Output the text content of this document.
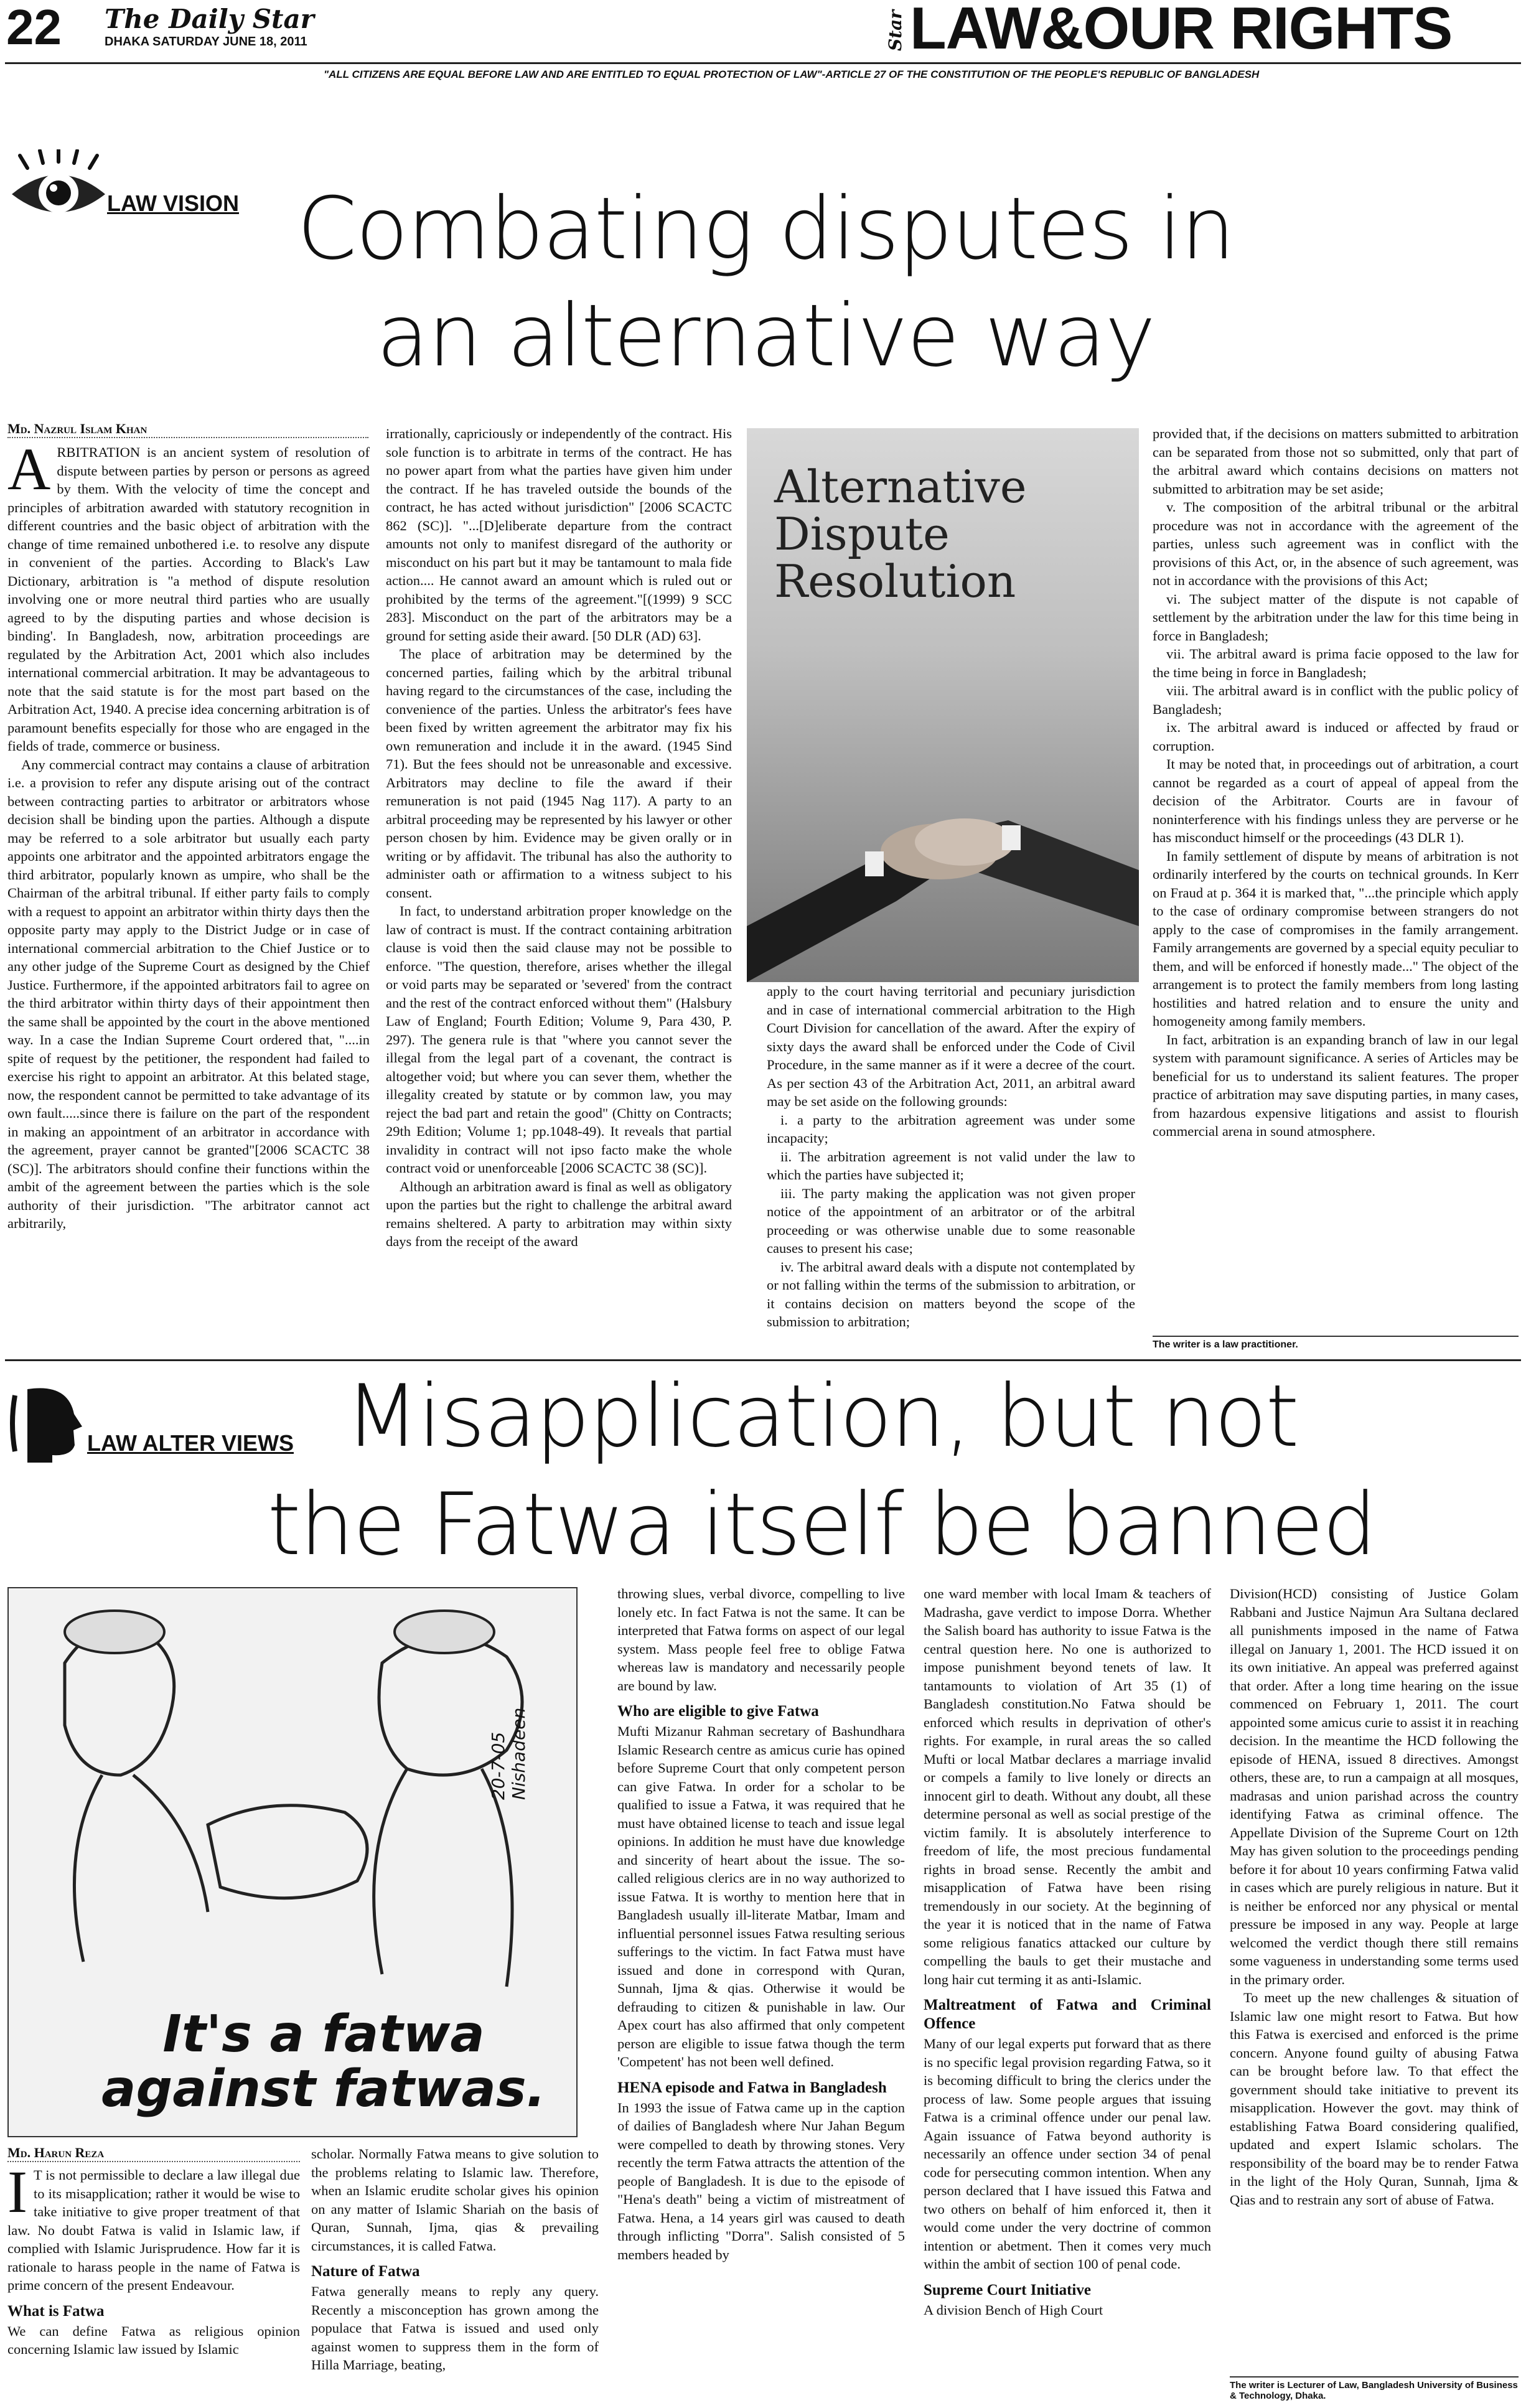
22 The Daily Star
DHAKA SATURDAY JUNE 18, 2011	Star LAW&OUR RIGHTS
"ALL CITIZENS ARE EQUAL BEFORE LAW AND ARE ENTITLED TO EQUAL PROTECTION OF LAW"-ARTICLE 27 OF THE CONSTITUTION OF THE PEOPLE'S REPUBLIC OF BANGLADESH
LAW VISION Combating disputes in
an alternative way
Md. Nazrul Islam Khan

ARBITRATION is an ancient system of resolution of dispute between parties by person or persons as agreed by them. With the velocity of time the concept and principles of arbitration awarded with statutory recognition in different countries and the basic object of arbitration with the change of time remained unbothered i.e. to resolve any dispute in convenient of the parties. According to Black's Law Dictionary, arbitration is "a method of dispute resolution involving one or more neutral third parties who are usually agreed to by the disputing parties and whose decision is binding'. In Bangladesh, now, arbitration proceedings are regulated by the Arbitration Act, 2001 which also includes international commercial arbitration. It may be advantageous to note that the said statute is for the most part based on the Arbitration Act, 1940. A precise idea concerning arbitration is of paramount benefits especially for those who are engaged in the fields of trade, commerce or business.

Any commercial contract may contains a clause of arbitration i.e. a provision to refer any dispute arising out of the contract between contracting parties to arbitrator or arbitrators whose decision shall be binding upon the parties. Although a dispute may be referred to a sole arbitrator but usually each party appoints one arbitrator and the appointed arbitrators engage the third arbitrator, popularly known as umpire, who shall be the Chairman of the arbitral tribunal. If either party fails to comply with a request to appoint an arbitrator within thirty days then the opposite party may apply to the District Judge or in case of international commercial arbitration to the Chief Justice or to any other judge of the Supreme Court as designed by the Chief Justice. Furthermore, if the appointed arbitrators fail to agree on the third arbitrator within thirty days of their appointment then the same shall be appointed by the court in the above mentioned way. In a case the Indian Supreme Court ordered that, "....in spite of request by the petitioner, the respondent had failed to exercise his right to appoint an arbitrator. At this belated stage, now, the respondent cannot be permitted to take advantage of its own fault.....since there is failure on the part of the respondent in making an appointment of an arbitrator in accordance with the agreement, prayer cannot be granted"[2006 SCACTC 38 (SC)]. The arbitrators should confine their functions within the ambit of the agreement between the parties which is the sole authority of their jurisdiction. "The arbitrator cannot act arbitrarily,

irrationally, capriciously or independently of the contract. His sole function is to arbitrate in terms of the contract. He has no power apart from what the parties have given him under the contract. If he has traveled outside the bounds of the contract, he has acted without jurisdiction" [2006 SCACTC 862 (SC)]. "...[D]eliberate departure from the contract amounts not only to manifest disregard of the authority or misconduct on his part but it may be tantamount to mala fide action.... He cannot award an amount which is ruled out or prohibited by the terms of the agreement."[(1999) 9 SCC 283]. Misconduct on the part of the arbitrators may be a ground for setting aside their award. [50 DLR (AD) 63].

The place of arbitration may be determined by the concerned parties, failing which by the arbitral tribunal having regard to the circumstances of the case, including the convenience of the parties. Unless the arbitrator's fees have been fixed by written agreement the arbitrator may fix his own remuneration and include it in the award. (1945 Sind 71). But the fees should not be unreasonable and excessive. Arbitrators may decline to file the award if their remuneration is not paid (1945 Nag 117). A party to an arbitral proceeding may be represented by his lawyer or other person chosen by him. Evidence may be given orally or in writing or by affidavit. The tribunal has also the authority to administer oath or affirmation to a witness subject to his consent.

In fact, to understand arbitration proper knowledge on the law of contract is must. If the contract containing arbitration clause is void then the said clause may not be possible to enforce. "The question, therefore, arises whether the illegal or void parts may be separated or 'severed' from the contract and the rest of the contract enforced without them" (Halsbury Law of England; Fourth Edition; Volume 9, Para 430, P. 297). The genera rule is that "where you cannot sever the illegal from the legal part of a covenant, the contract is altogether void; but where you can sever them, whether the illegality created by statute or by common law, you may reject the bad part and retain the good" (Chitty on Contracts; 29th Edition; Volume 1; pp.1048-49). It reveals that partial invalidity in contract will not ipso facto make the whole contract void or unenforceable [2006 SCACTC 38 (SC)].

Although an arbitration award is final as well as obligatory upon the parties but the right to challenge the arbitral award remains sheltered. A party to arbitration may within sixty days from the receipt of the award

Alternative
Dispute
Resolution

apply to the court having territorial and pecuniary jurisdiction and in case of international commercial arbitration to the High Court Division for cancellation of the award. After the expiry of sixty days the award shall be enforced under the Code of Civil Procedure, in the same manner as if it were a decree of the court. As per section 43 of the Arbitration Act, 2011, an arbitral award may be set aside on the following grounds:

i. a party to the arbitration agreement was under some incapacity;

ii. The arbitration agreement is not valid under the law to which the parties have subjected it;

iii. The party making the application was not given proper notice of the appointment of an arbitrator or of the arbitral proceeding or was otherwise unable due to some reasonable causes to present his case;

iv. The arbitral award deals with a dispute not contemplated by or not falling within the terms of the submission to arbitration, or it contains decision on matters beyond the scope of the submission to arbitration;

provided that, if the decisions on matters submitted to arbitration can be separated from those not so submitted, only that part of the arbitral award which contains decisions on matters not submitted to arbitration may be set aside;

v. The composition of the arbitral tribunal or the arbitral procedure was not in accordance with the agreement of the parties, unless such agreement was in conflict with the provisions of this Act, or, in the absence of such agreement, was not in accordance with the provisions of this Act;

vi. The subject matter of the dispute is not capable of settlement by the arbitration under the law for this time being in force in Bangladesh;

vii. The arbitral award is prima facie opposed to the law for the time being in force in Bangladesh;

viii. The arbitral award is in conflict with the public policy of Bangladesh;

ix. The arbitral award is induced or affected by fraud or corruption.

It may be noted that, in proceedings out of arbitration, a court cannot be regarded as a court of appeal of appeal from the decision of the Arbitrator. Courts are in favour of noninterference with his findings unless they are perverse or he has misconduct himself or the proceedings (43 DLR 1).

In family settlement of dispute by means of arbitration is not ordinarily interfered by the courts on technical grounds. In Kerr on Fraud at p. 364 it is marked that, "...the principle which apply to the case of ordinary compromise between strangers do not apply to the case of compromises in the family arrangement. Family arrangements are governed by a special equity peculiar to them, and will be enforced if honestly made..." The object of the arrangement is to protect the family members from long lasting hostilities and hatred relation and to ensure the unity and homogeneity among family members.

In fact, arbitration is an expanding branch of law in our legal system with paramount significance. A series of Articles may be beneficial for us to understand its salient features. The proper practice of arbitration may save disputing parties, in many cases, from hazardous expensive litigations and assist to flourish commercial arena in sound atmosphere.

The writer is a law practitioner.
LAW ALTER VIEWS Misapplication, but not
the Fatwa itself be banned
20-7-05 Nishadeen
It's a fatwa
against fatwas.
Md. Harun Reza

I T is not permissible to declare a law illegal due to its misapplication; rather it would be wise to take initiative to give proper treatment of that law. No doubt Fatwa is valid in Islamic law, if complied with Islamic Jurisprudence. How far it is rationale to harass people in the name of Fatwa is prime concern of the present Endeavour.

What is Fatwa

We can define Fatwa as religious opinion concerning Islamic law issued by Islamic

scholar. Normally Fatwa means to give solution to the problems relating to Islamic law. Therefore, when an Islamic erudite scholar gives his opinion on any matter of Islamic Shariah on the basis of Quran, Sunnah, Ijma, qias & prevailing circumstances, it is called Fatwa.

Nature of Fatwa

Fatwa generally means to reply any query. Recently a misconception has grown among the populace that Fatwa is issued and used only against women to suppress them in the form of Hilla Marriage, beating,

throwing slues, verbal divorce, compelling to live lonely etc. In fact Fatwa is not the same. It can be interpreted that Fatwa forms on aspect of our legal system. Mass people feel free to oblige Fatwa whereas law is mandatory and necessarily people are bound by law.

Who are eligible to give Fatwa

Mufti Mizanur Rahman secretary of Bashundhara Islamic Research centre as amicus curie has opined before Supreme Court that only competent person can give Fatwa. In order for a scholar to be qualified to issue a Fatwa, it was required that he must have obtained license to teach and issue legal opinions. In addition he must have due knowledge and sincerity of heart about the issue. The so-called religious clerics are in no way authorized to issue Fatwa. It is worthy to mention here that in Bangladesh usually ill-literate Matbar, Imam and influential personnel issues Fatwa resulting serious sufferings to the victim. In fact Fatwa must have issued and done in correspond with Quran, Sunnah, Ijma & qias. Otherwise it would be defrauding to citizen & punishable in law. Our Apex court has also affirmed that only competent person are eligible to issue fatwa though the term 'Competent' has not been well defined.

HENA episode and Fatwa in Bangladesh

In 1993 the issue of Fatwa came up in the caption of dailies of Bangladesh where Nur Jahan Begum were compelled to death by throwing stones. Very recently the term Fatwa attracts the attention of the people of Bangladesh. It is due to the episode of "Hena's death" being a victim of mistreatment of Fatwa. Hena, a 14 years girl was caused to death through inflicting "Dorra". Salish consisted of 5 members headed by

one ward member with local Imam & teachers of Madrasha, gave verdict to impose Dorra. Whether the Salish board has authority to issue Fatwa is the central question here. No one is authorized to impose punishment beyond tenets of law. It tantamounts to violation of Art 35 (1) of Bangladesh constitution.No Fatwa should be enforced which results in deprivation of other's rights. For example, in rural areas the so called Mufti or local Matbar declares a marriage invalid or compels a family to live lonely or directs an innocent girl to death. Without any doubt, all these determine personal as well as social prestige of the victim family. It is absolutely interference to freedom of life, the most precious fundamental rights in broad sense. Recently the ambit and misapplication of Fatwa have been rising tremendously in our society. At the beginning of the year it is noticed that in the name of Fatwa some religious fanatics attacked our culture by compelling the bauls to get their mustache and long hair cut terming it as anti-Islamic.

Maltreatment of Fatwa and Criminal Offence

Many of our legal experts put forward that as there is no specific legal provision regarding Fatwa, so it is becoming difficult to bring the clerics under the process of law. Some people argues that issuing Fatwa is a criminal offence under our penal law. Again issuance of Fatwa beyond authority is necessarily an offence under section 34 of penal code for persecuting common intention. When any person declared that I have issued this Fatwa and two others on behalf of him enforced it, then it would come under the very doctrine of common intention or abetment. Then it comes very much within the ambit of section 100 of penal code.

Supreme Court Initiative

A division Bench of High Court

Division(HCD) consisting of Justice Golam Rabbani and Justice Najmun Ara Sultana declared all punishments imposed in the name of Fatwa illegal on January 1, 2001. The HCD issued it on its own initiative. An appeal was preferred against that order. After a long time hearing on the issue commenced on February 1, 2011. The court appointed some amicus curie to assist it in reaching decision. In the meantime the HCD following the episode of HENA, issued 8 directives. Amongst others, these are, to run a campaign at all mosques, madrasas and union parishad across the country identifying Fatwa as criminal offence. The Appellate Division of the Supreme Court on 12th May has given solution to the proceedings pending before it for about 10 years confirming Fatwa valid in cases which are purely religious in nature. But it is neither be enforced nor any physical or mental pressure be imposed in any way. People at large welcomed the verdict though there still remains some vagueness in understanding some terms used in the primary order.

To meet up the new challenges & situation of Islamic law one might resort to Fatwa. But how this Fatwa is exercised and enforced is the prime concern. Anyone found guilty of abusing Fatwa can be brought before law. To that effect the government should take initiative to prevent its misapplication. However the govt. may think of establishing Fatwa Board considering qualified, updated and expert Islamic scholars. The responsibility of the board may be to render Fatwa in the light of the Holy Quran, Sunnah, Ijma & Qias and to restrain any sort of abuse of Fatwa.

The writer is Lecturer of Law, Bangladesh University of Business & Technology, Dhaka.
